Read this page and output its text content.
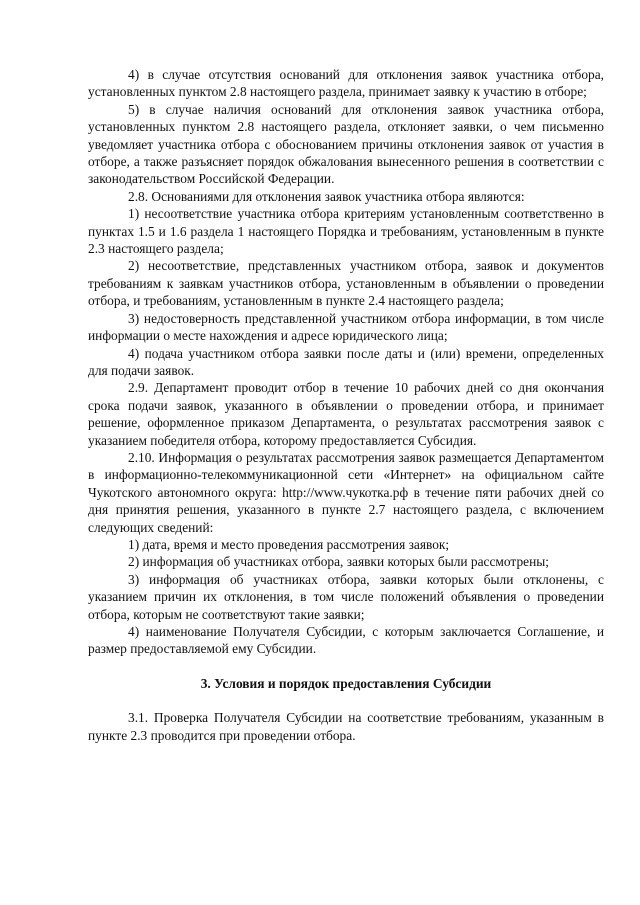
4) в случае отсутствия оснований для отклонения заявок участника отбора, установленных пунктом 2.8 настоящего раздела, принимает заявку к участию в отборе;

5) в случае наличия оснований для отклонения заявок участника отбора, установленных пунктом 2.8 настоящего раздела, отклоняет заявки, о чем письменно уведомляет участника отбора с обоснованием причины отклонения заявок от участия в отборе, а также разъясняет порядок обжалования вынесенного решения в соответствии с законодательством Российской Федерации.

2.8. Основаниями для отклонения заявок участника отбора являются:

1) несоответствие участника отбора критериям установленным соответственно в пунктах 1.5 и 1.6 раздела 1 настоящего Порядка и требованиям, установленным в пункте 2.3 настоящего раздела;

2) несоответствие, представленных участником отбора, заявок и документов требованиям к заявкам участников отбора, установленным в объявлении о проведении отбора, и требованиям, установленным в пункте 2.4 настоящего раздела;

3) недостоверность представленной участником отбора информации, в том числе информации о месте нахождения и адресе юридического лица;

4) подача участником отбора заявки после даты и (или) времени, определенных для подачи заявок.

2.9. Департамент проводит отбор в течение 10 рабочих дней со дня окончания срока подачи заявок, указанного в объявлении о проведении отбора, и принимает решение, оформленное приказом Департамента, о результатах рассмотрения заявок с указанием победителя отбора, которому предоставляется Субсидия.

2.10. Информация о результатах рассмотрения заявок размещается Департаментом в информационно-телекоммуникационной сети «Интернет» на официальном сайте Чукотского автономного округа: http://www.чукотка.рф в течение пяти рабочих дней со дня принятия решения, указанного в пункте 2.7 настоящего раздела, с включением следующих сведений:

1) дата, время и место проведения рассмотрения заявок;

2) информация об участниках отбора, заявки которых были рассмотрены;

3) информация об участниках отбора, заявки которых были отклонены, с указанием причин их отклонения, в том числе положений объявления о проведении отбора, которым не соответствуют такие заявки;

4) наименование Получателя Субсидии, с которым заключается Соглашение, и размер предоставляемой ему Субсидии.

3. Условия и порядок предоставления Субсидии

3.1. Проверка Получателя Субсидии на соответствие требованиям, указанным в пункте 2.3 проводится при проведении отбора.
